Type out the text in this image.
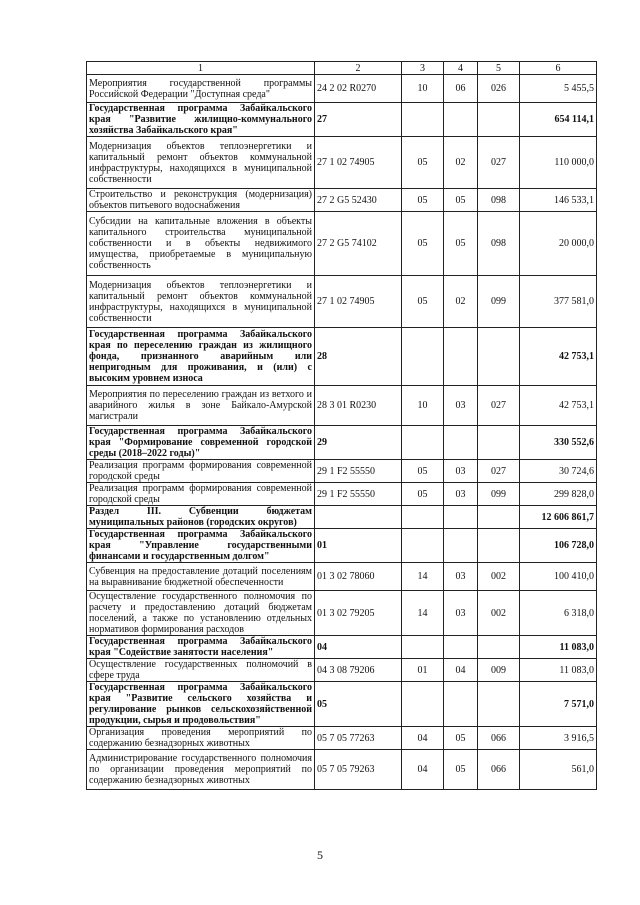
1	2	3	4	5	6
Мероприятия государственной программы Российской Федерации "Доступная среда"	24 2 02 R0270	10	06	026	5 455,5
Государственная программа Забайкальского края "Развитие жилищно-коммунального хозяйства Забайкальского края"	27				654 114,1
Модернизация объектов теплоэнергетики и капитальный ремонт объектов коммунальной инфраструктуры, находящихся в муниципальной собственности	27 1 02 74905	05	02	027	110 000,0
Строительство и реконструкция (модернизация) объектов питьевого водоснабжения	27 2 G5 52430	05	05	098	146 533,1
Субсидии на капитальные вложения в объекты капитального строительства муниципальной собственности и в объекты недвижимого имущества, приобретаемые в муниципальную собственность	27 2 G5 74102	05	05	098	20 000,0
Модернизация объектов теплоэнергетики и капитальный ремонт объектов коммунальной инфраструктуры, находящихся в муниципальной собственности	27 1 02 74905	05	02	099	377 581,0
Государственная программа Забайкальского края по переселению граждан из жилищного фонда, признанного аварийным или непригодным для проживания, и (или) с высоким уровнем износа	28				42 753,1
Мероприятия по переселению граждан из ветхого и аварийного жилья в зоне Байкало-Амурской магистрали	28 3 01 R0230	10	03	027	42 753,1
Государственная программа Забайкальского края "Формирование современной городской среды (2018–2022 годы)"	29				330 552,6
Реализация программ формирования современной городской среды	29 1 F2 55550	05	03	027	30 724,6
Реализация программ формирования современной городской среды	29 1 F2 55550	05	03	099	299 828,0
Раздел III. Субвенции бюджетам муниципальных районов (городских округов)					12 606 861,7
Государственная программа Забайкальского края "Управление государственными финансами и государственным долгом"	01				106 728,0
Субвенция на предоставление дотаций поселениям на выравнивание бюджетной обеспеченности	01 3 02 78060	14	03	002	100 410,0
Осуществление государственного полномочия по расчету и предоставлению дотаций бюджетам поселений, а также по установлению отдельных нормативов формирования расходов	01 3 02 79205	14	03	002	6 318,0
Государственная программа Забайкальского края "Содействие занятости населения"	04				11 083,0
Осуществление государственных полномочий в сфере труда	04 3 08 79206	01	04	009	11 083,0
Государственная программа Забайкальского края "Развитие сельского хозяйства и регулирование рынков сельскохозяйственной продукции, сырья и продовольствия"	05				7 571,0
Организация проведения мероприятий по содержанию безнадзорных животных	05 7 05 77263	04	05	066	3 916,5
Администрирование государственного полномочия по организации проведения мероприятий по содержанию безнадзорных животных	05 7 05 79263	04	05	066	561,0
5
